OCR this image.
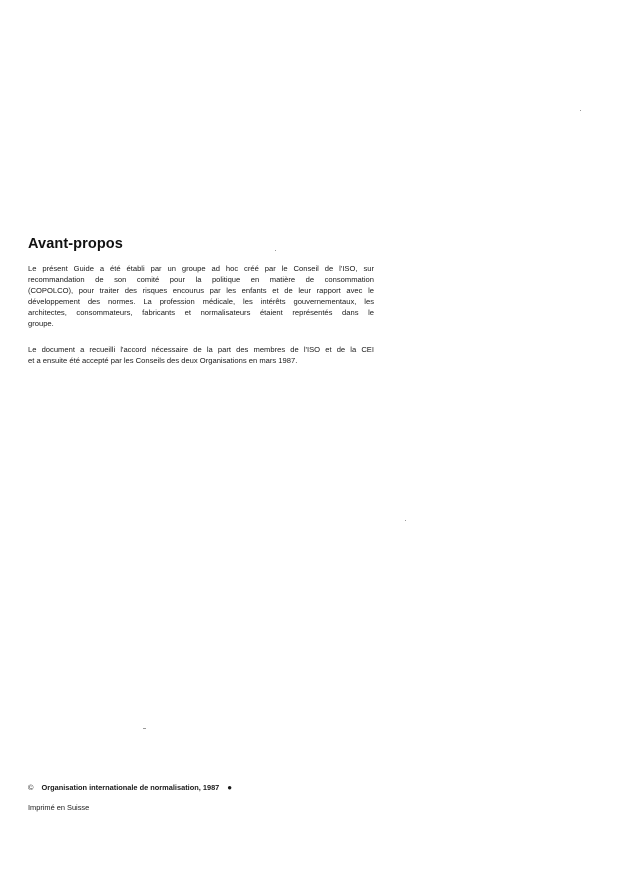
Avant-propos
Le présent Guide a été établi par un groupe ad hoc créé par le Conseil de l'ISO, sur
recommandation de son comité pour la politique en matière de consommation
(COPOLCO), pour traiter des risques encourus par les enfants et de leur rapport avec le
développement des normes. La profession médicale, les intérêts gouvernementaux, les
architectes, consommateurs, fabricants et normalisateurs étaient représentés dans le
groupe.
Le document a recueilli l'accord nécessaire de la part des membres de l'ISO et de la CEI
et a ensuite été accepté par les Conseils des deux Organisations en mars 1987.
© Organisation internationale de normalisation, 1987 ●
Imprimé en Suisse
